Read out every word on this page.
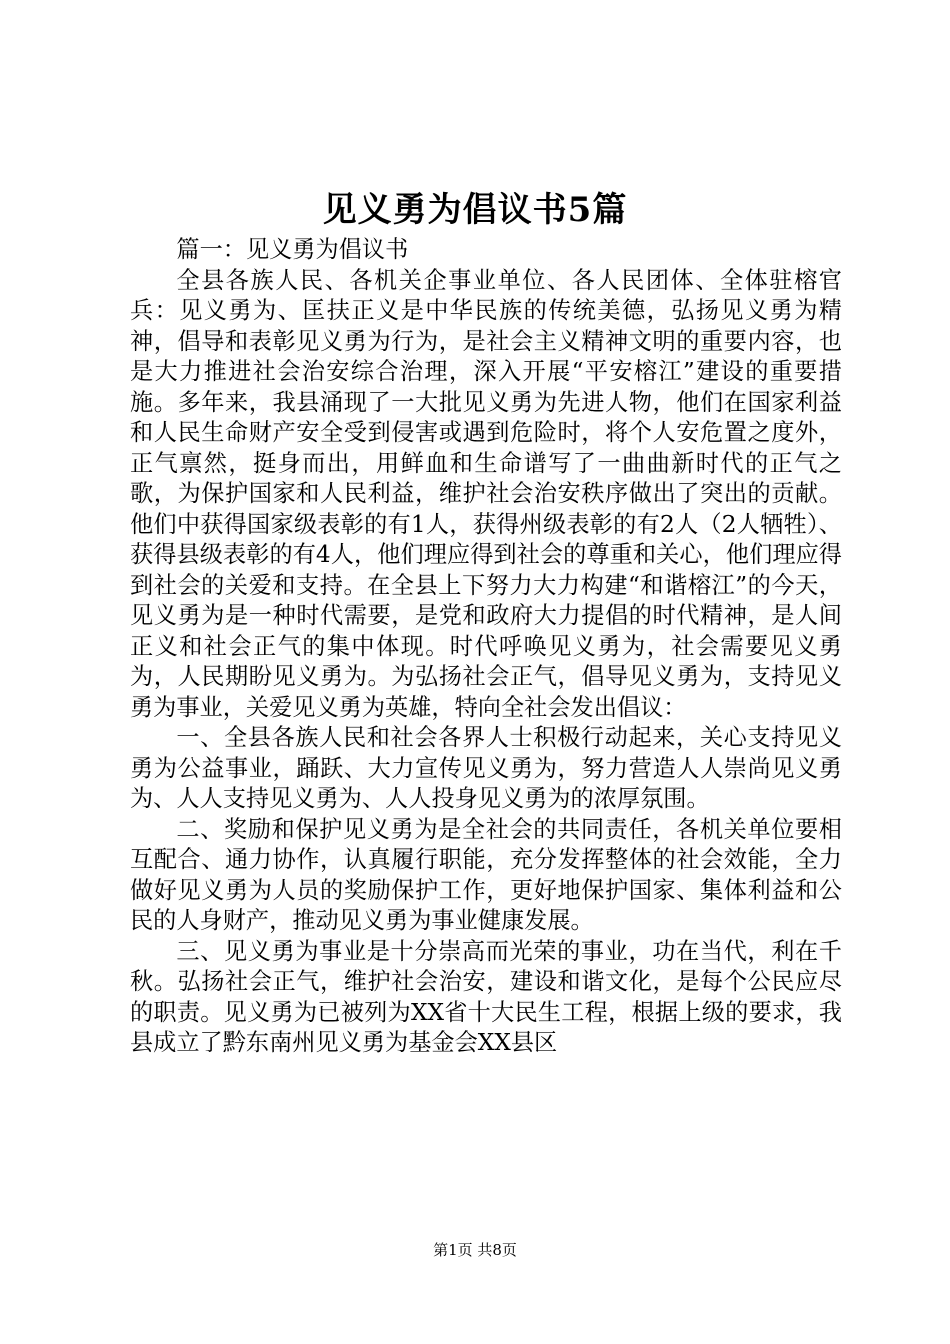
见义勇为倡议书5篇

篇一：见义勇为倡议书

全县各族人民、各机关企事业单位、各人民团体、全体驻榕官兵：见义勇为、匡扶正义是中华民族的传统美德，弘扬见义勇为精神，倡导和表彰见义勇为行为，是社会主义精神文明的重要内容，也是大力推进社会治安综合治理，深入开展“平安榕江”建设的重要措施。多年来，我县涌现了一大批见义勇为先进人物，他们在国家利益和人民生命财产安全受到侵害或遇到危险时，将个人安危置之度外，正气禀然，挺身而出，用鲜血和生命谱写了一曲曲新时代的正气之歌，为保护国家和人民利益，维护社会治安秩序做出了突出的贡献。他们中获得国家级表彰的有1人，获得州级表彰的有2人（2人牺牲）、获得县级表彰的有4人，他们理应得到社会的尊重和关心，他们理应得到社会的关爱和支持。在全县上下努力大力构建“和谐榕江”的今天，见义勇为是一种时代需要，是党和政府大力提倡的时代精神，是人间正义和社会正气的集中体现。时代呼唤见义勇为，社会需要见义勇为，人民期盼见义勇为。为弘扬社会正气，倡导见义勇为，支持见义勇为事业，关爱见义勇为英雄，特向全社会发出倡议：

一、全县各族人民和社会各界人士积极行动起来，关心支持见义勇为公益事业，踊跃、大力宣传见义勇为，努力营造人人崇尚见义勇为、人人支持见义勇为、人人投身见义勇为的浓厚氛围。

二、奖励和保护见义勇为是全社会的共同责任，各机关单位要相互配合、通力协作，认真履行职能，充分发挥整体的社会效能，全力做好见义勇为人员的奖励保护工作，更好地保护国家、集体利益和公民的人身财产，推动见义勇为事业健康发展。

三、见义勇为事业是十分崇高而光荣的事业，功在当代，利在千秋。弘扬社会正气，维护社会治安，建设和谐文化，是每个公民应尽的职责。见义勇为已被列为XX省十大民生工程，根据上级的要求，我县成立了黔东南州见义勇为基金会XX县区

第1页 共8页
